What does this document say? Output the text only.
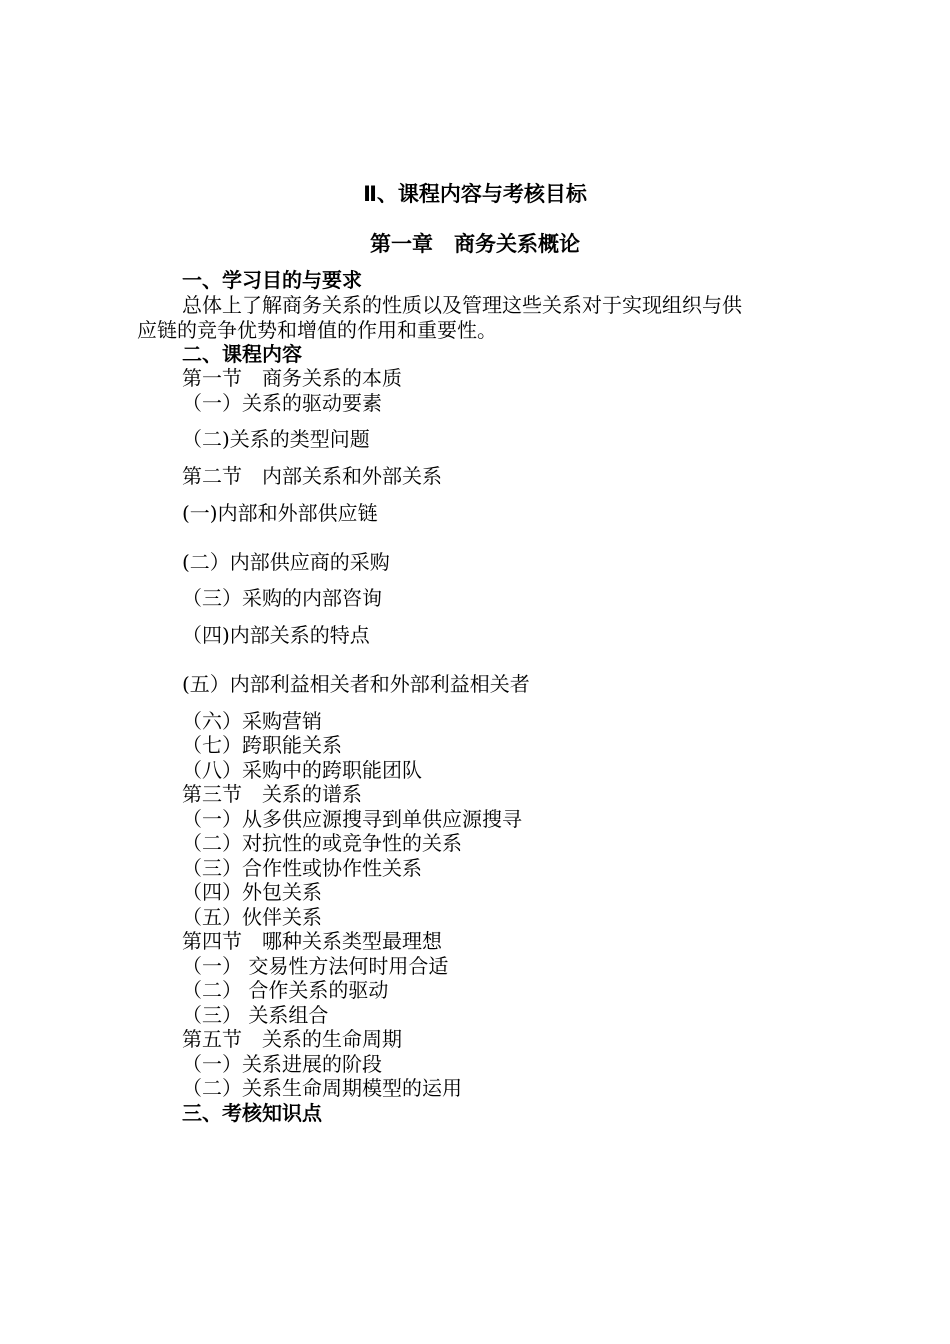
Ⅱ、课程内容与考核目标
第一章　商务关系概论
一、学习目的与要求
总体上了解商务关系的性质以及管理这些关系对于实现组织与供
应链的竞争优势和增值的作用和重要性。
二、课程内容
第一节　商务关系的本质
（一）关系的驱动要素
（二)关系的类型问题
第二节　内部关系和外部关系
(一)内部和外部供应链
(二）内部供应商的采购
（三）采购的内部咨询
（四)内部关系的特点
(五）内部利益相关者和外部利益相关者
（六）采购营销
（七）跨职能关系
（八）采购中的跨职能团队
第三节　关系的谱系
（一）从多供应源搜寻到单供应源搜寻
（二）对抗性的或竞争性的关系
（三）合作性或协作性关系
（四）外包关系
（五）伙伴关系
第四节　哪种关系类型最理想
（一） 交易性方法何时用合适
（二） 合作关系的驱动
（三） 关系组合
第五节　关系的生命周期
（一）关系进展的阶段
（二）关系生命周期模型的运用
三、考核知识点
